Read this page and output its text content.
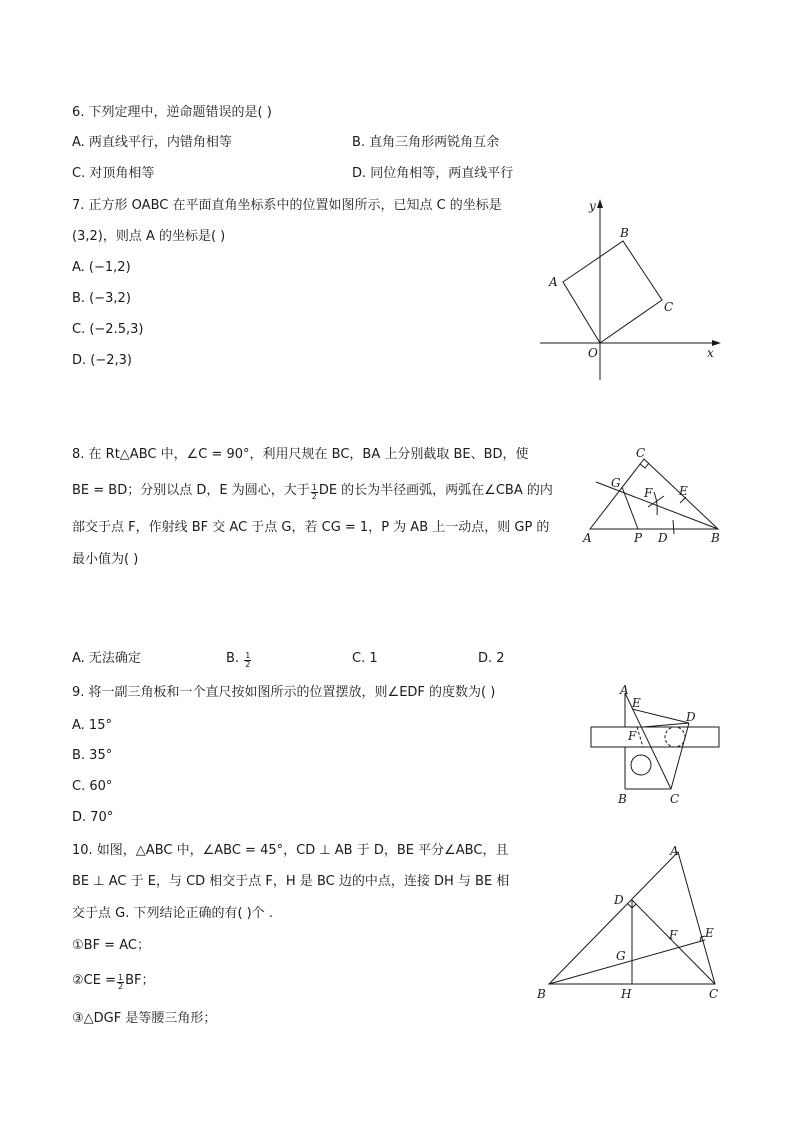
6. 下列定理中，逆命题错误的是( )
A. 两直线平行，内错角相等	B. 直角三角形两锐角互余
C. 对顶角相等	D. 同位角相等，两直线平行
7. 正方形 OABC 在平面直角坐标系中的位置如图所示，已知点 C 的坐标是
(3,2)，则点 A 的坐标是( )
A. (−1,2)
B. (−3,2)
C. (−2.5,3)
D. (−2,3)
y
x
O
A
B
C
8. 在 Rt△ABC 中，∠C = 90°，利用尺规在 BC，BA 上分别截取 BE、BD，使
BE = BD；分别以点 D，E 为圆心，大于 $\frac{1}{2}$ DE 的长为半径画弧，两弧在∠CBA 的内
部交于点 F，作射线 BF 交 AC 于点 G，若 CG = 1，P 为 AB 上一动点，则 GP 的
最小值为( )
A. 无法确定	B. $\frac{1}{2}$	C. 1	D. 2
C
G
F E
A	P D	B
9. 将一副三角板和一个直尺按如图所示的位置摆放，则∠EDF 的度数为( )
A. 15°
B. 35°
C. 60°
D. 70°
A
E
D
F
B	C
10. 如图，△ABC 中，∠ABC = 45°，CD ⊥ AB 于 D，BE 平分∠ABC，且
BE ⊥ AC 于 E，与 CD 相交于点 F，H 是 BC 边的中点，连接 DH 与 BE 相
交于点 G. 下列结论正确的有( )个 .
①BF = AC；
②CE = $\frac{1}{2}$ BF；
③△DGF 是等腰三角形；
A
D
F E
G
B	H	C
